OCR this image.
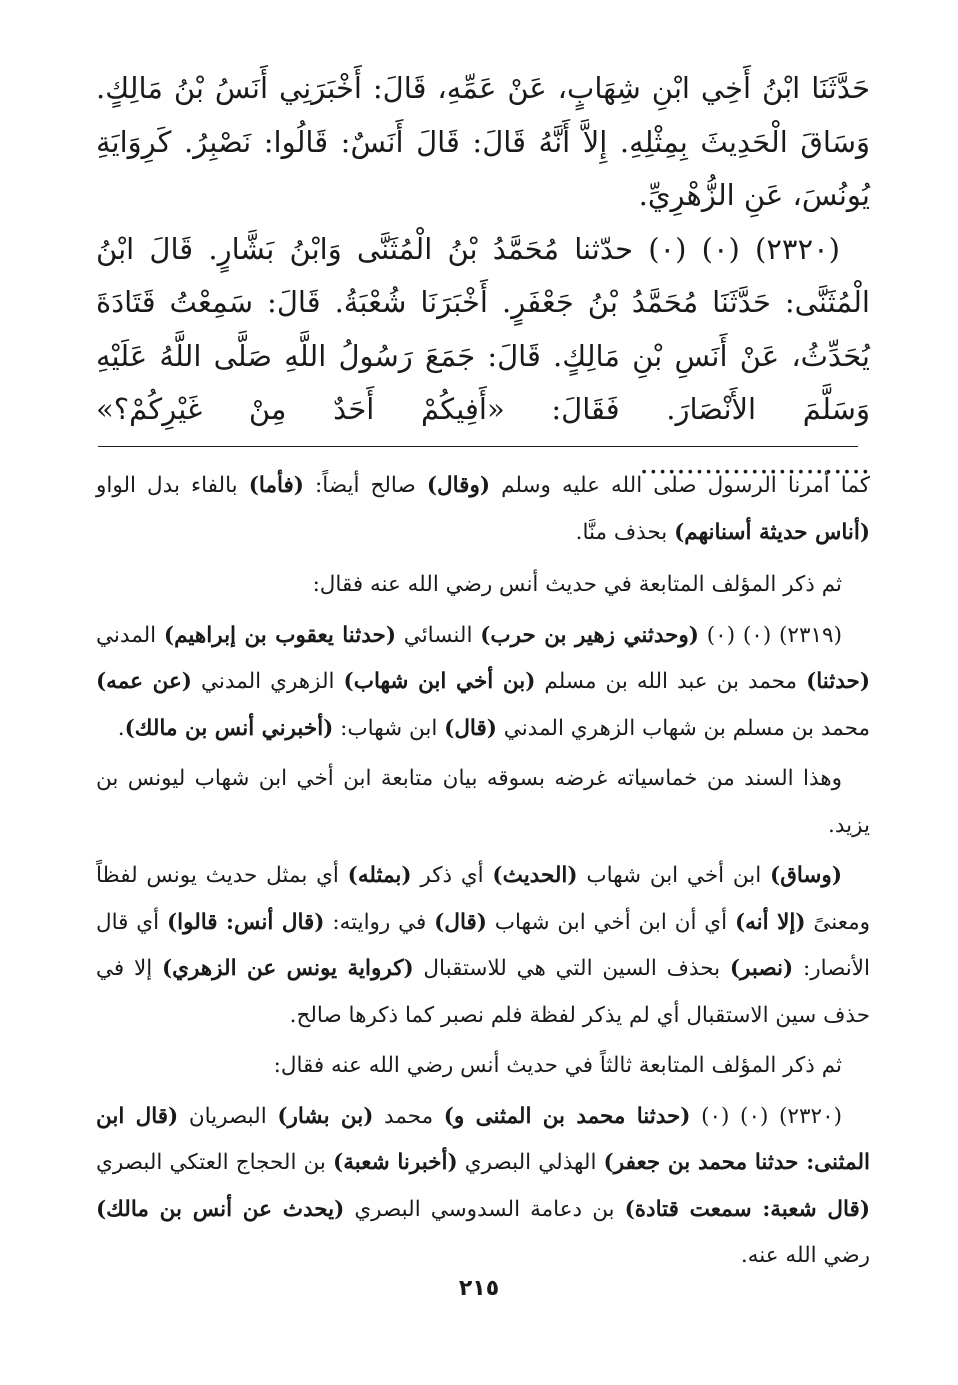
حَدَّثَنَا ابْنُ أَخِي ابْنِ شِهَابٍ، عَنْ عَمِّهِ، قَالَ: أَخْبَرَنِي أَنَسُ بْنُ مَالِكٍ. وَسَاقَ الْحَدِيثَ بِمِثْلِهِ. إِلاَّ أَنَّهُ قَالَ: قَالَ أَنَسٌ: قَالُوا: نَصْبِرُ. كَرِوَايَةِ يُونُسَ، عَنِ الزُّهْرِيِّ.

(٢٣٢٠) (٠) (٠) حدّثنا مُحَمَّدُ بْنُ الْمُثَنَّى وَابْنُ بَشَّارٍ. قَالَ ابْنُ الْمُثَنَّى: حَدَّثَنَا مُحَمَّدُ بْنُ جَعْفَرٍ. أَخْبَرَنَا شُعْبَةُ. قَالَ: سَمِعْتُ قَتَادَةَ يُحَدِّثُ، عَنْ أَنَسِ بْنِ مَالِكٍ. قَالَ: جَمَعَ رَسُولُ اللَّهِ صَلَّى اللَّهُ عَلَيْهِ وَسَلَّمَ الأَنْصَارَ. فَقَالَ: «أَفِيكُمْ أَحَدٌ مِنْ غَيْرِكُمْ؟» .........................

كما أمرنا الرسول صلى الله عليه وسلم (وقال) صالح أيضاً: (فأما) بالفاء بدل الواو (أناس حديثة أسنانهم) بحذف منَّا.

ثم ذكر المؤلف المتابعة في حديث أنس رضي الله عنه فقال:

(٢٣١٩) (٠) (٠) (وحدثني زهير بن حرب) النسائي (حدثنا يعقوب بن إبراهيم) المدني (حدثنا) محمد بن عبد الله بن مسلم (بن أخي ابن شهاب) الزهري المدني (عن عمه) محمد بن مسلم بن شهاب الزهري المدني (قال) ابن شهاب: (أخبرني أنس بن مالك).

وهذا السند من خماسياته غرضه بسوقه بيان متابعة ابن أخي ابن شهاب ليونس بن يزيد.

(وساق) ابن أخي ابن شهاب (الحديث) أي ذكر (بمثله) أي بمثل حديث يونس لفظاً ومعنىً (إلا أنه) أي أن ابن أخي ابن شهاب (قال) في روايته: (قال أنس: قالوا) أي قال الأنصار: (نصبر) بحذف السين التي هي للاستقبال (كرواية يونس عن الزهري) إلا في حذف سين الاستقبال أي لم يذكر لفظة فلم نصبر كما ذكرها صالح.

ثم ذكر المؤلف المتابعة ثالثاً في حديث أنس رضي الله عنه فقال:

(٢٣٢٠) (٠) (٠) (حدثنا محمد بن المثنى و) محمد (بن بشار) البصريان (قال ابن المثنى: حدثنا محمد بن جعفر) الهذلي البصري (أخبرنا شعبة) بن الحجاج العتكي البصري (قال شعبة: سمعت قتادة) بن دعامة السدوسي البصري (يحدث عن أنس بن مالك) رضي الله عنه.

٢١٥
